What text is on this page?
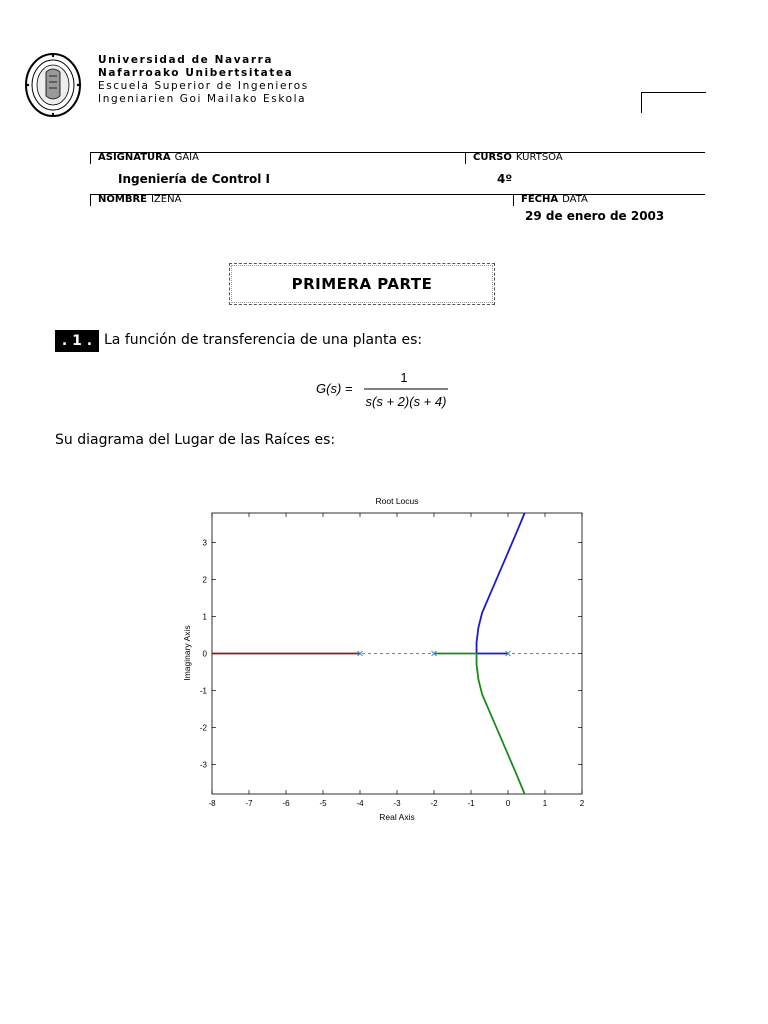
Universidad de Navarra
Nafarroako Unibertsitatea
Escuela Superior de Ingenieros
Ingeniarien Goi Mailako Eskola
ASIGNATURA GAIA	CURSO KURTSOA
Ingeniería de Control I	4º
NOMBRE IZENA	FECHA DATA
29 de enero de 2003
PRIMERA PARTE
. 1 . La función de transferencia de una planta es:
G(s) =
1
s(s + 2)(s + 4)
Su diagrama del Lugar de las Raíces es:
Root Locus
Real Axis
Imaginary Axis
-8	-7	-6	-5	-4	-3	-2	-1	0	1	2
3
2
1
0
-1
-2
-3
